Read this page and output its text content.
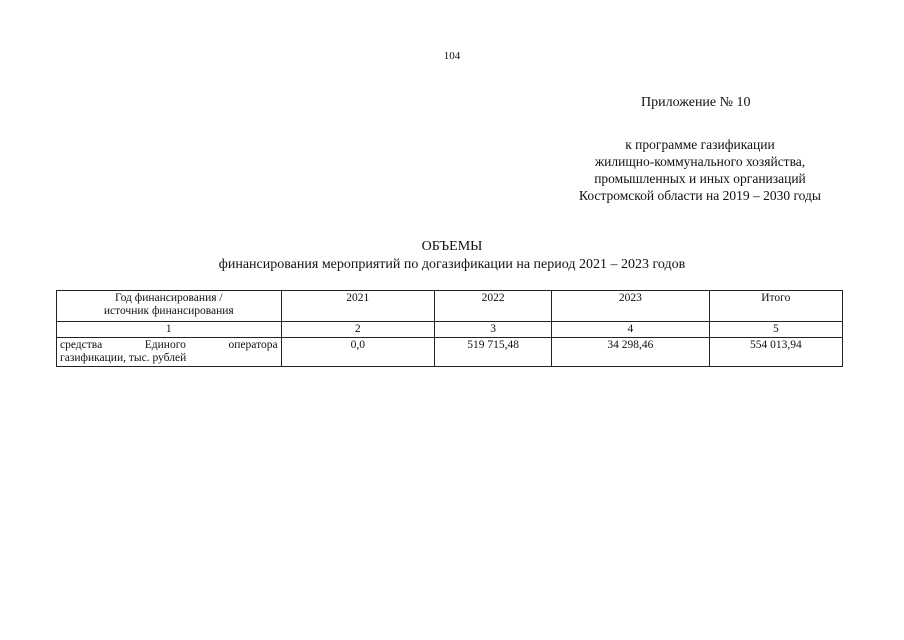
104
Приложение № 10
к программе газификации
жилищно-коммунального хозяйства,
промышленных и иных организаций
Костромской области на 2019 – 2030 годы
ОБЪЕМЫ
финансирования мероприятий по догазификации на период 2021 – 2023 годов
Год финансирования /
источник финансирования	2021	2022	2023	Итого
1	2	3	4	5

средства Единого оператора
газификации, тыс. рублей	0,0	519 715,48	34 298,46	554 013,94
